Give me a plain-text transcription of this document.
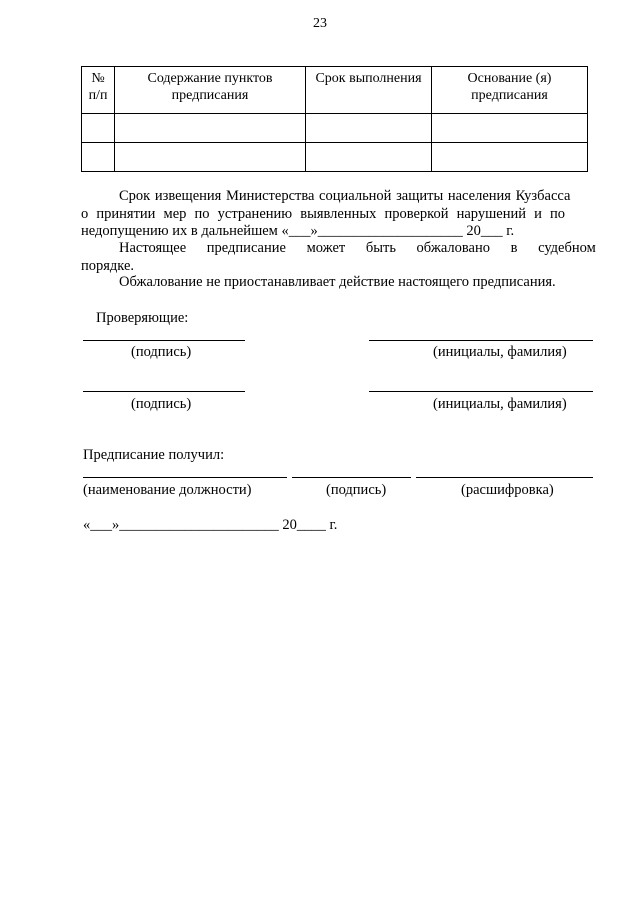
23
№ п/п	Содержание пунктов предписания	Срок выполнения	Основание (я) предписания

Срок извещения Министерства социальной защиты населения Кузбасса
о принятии мер по устранению выявленных проверкой нарушений и по
недопущению их в дальнейшем «___»____________________ 20___ г.
Настоящее предписание может быть обжаловано в судебном
порядке.
Обжалование не приостанавливает действие настоящего предписания.
Проверяющие:
(подпись)	(инициалы, фамилия)
(подпись)	(инициалы, фамилия)
Предписание получил:
(наименование должности)	(подпись)	(расшифровка)
«___»______________________ 20____ г.
